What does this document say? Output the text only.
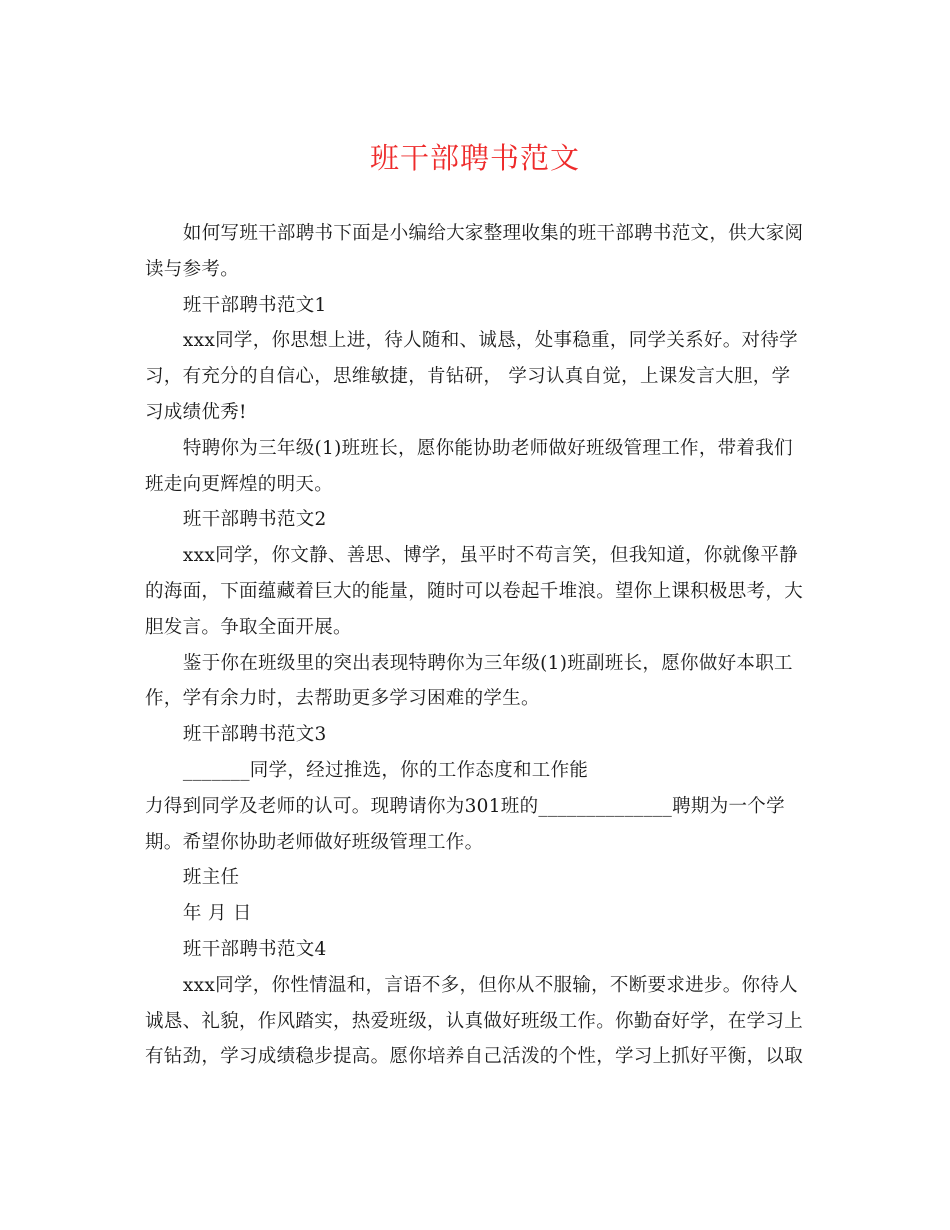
班干部聘书范文

如何写班干部聘书下面是小编给大家整理收集的班干部聘书范文，供大家阅读与参考。

班干部聘书范文1

xxx同学，你思想上进，待人随和、诚恳，处事稳重，同学关系好。对待学习，有充分的自信心，思维敏捷，肯钻研， 学习认真自觉，上课发言大胆，学习成绩优秀!

特聘你为三年级(1)班班长，愿你能协助老师做好班级管理工作，带着我们班走向更辉煌的明天。

班干部聘书范文2

xxx同学，你文静、善思、博学，虽平时不苟言笑，但我知道，你就像平静的海面，下面蕴藏着巨大的能量，随时可以卷起千堆浪。望你上课积极思考，大胆发言。争取全面开展。

鉴于你在班级里的突出表现特聘你为三年级(1)班副班长，愿你做好本职工作，学有余力时，去帮助更多学习困难的学生。

班干部聘书范文3

_______同学，经过推选，你的工作态度和工作能

力得到同学及老师的认可。现聘请你为301班的______________聘期为一个学期。希望你协助老师做好班级管理工作。

班主任

年 月 日

班干部聘书范文4

xxx同学，你性情温和，言语不多，但你从不服输，不断要求进步。你待人诚恳、礼貌，作风踏实，热爱班级，认真做好班级工作。你勤奋好学，在学习上有钻劲，学习成绩稳步提高。愿你培养自己活泼的个性，学习上抓好平衡，以取
